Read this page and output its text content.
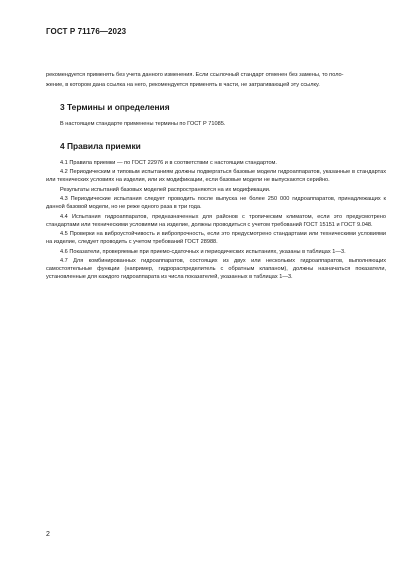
ГОСТ Р 71176—2023

рекомендуется применять без учета данного изменения. Если ссылочный стандарт отменен без замены, то поло-

жение, в котором дана ссылка на него, рекомендуется применять в части, не затрагивающей эту ссылку.

3 Термины и определения

В настоящем стандарте применены термины по ГОСТ Р 71085.

4 Правила приемки

4.1 Правила приемки — по ГОСТ 22976 и в соответствии с настоящим стандартом.

4.2 Периодическим и типовым испытаниям должны подвергаться базовые модели гидроаппаратов, указанные в стандартах или технических условиях на изделия, или их модификации, если базовые модели не выпускаются серийно.

Результаты испытаний базовых моделей распространяются на их модификации.

4.3 Периодические испытания следует проводить после выпуска не более 250 000 гидроаппаратов, принадлежащих к данной базовой модели, но не реже одного раза в три года.

4.4 Испытания гидроаппаратов, предназначенных для районов с тропическим климатом, если это предусмотрено стандартами или техническими условиями на изделие, должны проводиться с учетом требований ГОСТ 15151 и ГОСТ 9.048.

4.5 Проверки на виброустойчивость и вибропрочность, если это предусмотрено стандартами или техническими условиями на изделие, следует проводить с учетом требований ГОСТ 28988.

4.6 Показатели, проверяемые при приемо-сдаточных и периодических испытаниях, указаны в таблицах 1—3.

4.7 Для комбинированных гидроаппаратов, состоящих из двух или нескольких гидроаппаратов, выполняющих самостоятельные функции (например, гидрораспределитель с обратным клапаном), должны назначаться показатели, установленные для каждого гидроаппарата из числа показателей, указанных в таблицах 1—3.

2
